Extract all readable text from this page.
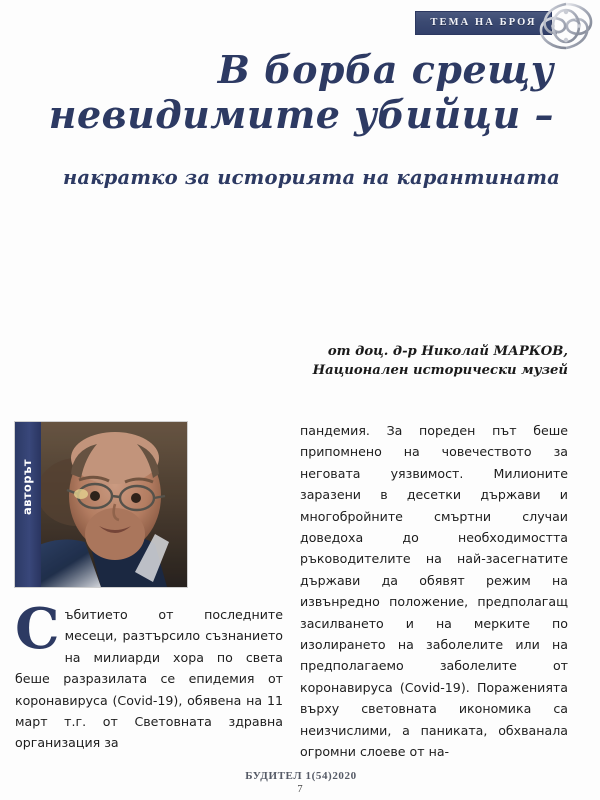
ТЕМА НА БРОЯ
В борба срещу
невидимите убийци –
накратко за историята на карантината
от доц. д-р Николай МАРКОВ,
Национален исторически музей
авторът

Събитието от последните месеци, разтърсило съзнанието на милиарди хора по света беше разразилата се епидемия от коронавируса (Covid-19), обявена на 11 март т.г. от Световната здравна организация за

пандемия. За пореден път беше припомнено на човечеството за неговата уязвимост. Милионите заразени в десетки държави и многобройните смъртни случаи доведоха до необходимостта ръководителите на най-засегнатите държави да обявят режим на извънредно положение, предполагащ засилването и на мерките по изолирането на заболелите или на предполагаемо заболелите от коронавируса (Covid-19). Пораженията върху световната икономика са неизчислими, а паниката, обхванала огромни слоеве от на-

БУДИТЕЛ 1(54)2020
7
